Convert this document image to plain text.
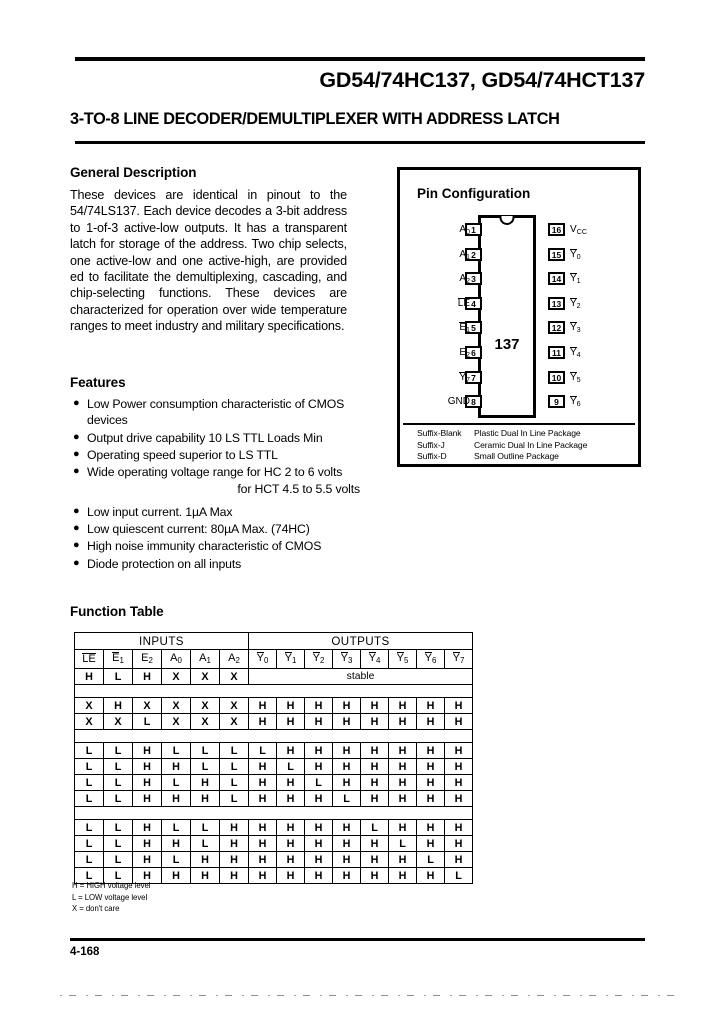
GD54/74HC137, GD54/74HCT137
3-TO-8 LINE DECODER/DEMULTIPLEXER WITH ADDRESS LATCH
General Description
These devices are identical in pinout to the 54/74LS137. Each device decodes a 3-bit address to 1-of-3 active-low outputs. It has a transparent latch for storage of the address. Two chip selects, one active-low and one active-high, are provided ed to facilitate the demultiplexing, cascading, and chip-selecting functions. These devices are characterized for operation over wide temperature ranges to meet industry and military specifications.
Features
● Low Power consumption characteristic of CMOS devices
● Output drive capability 10 LS TTL Loads Min
● Operating speed superior to LS TTL
● Wide operating voltage range for HC 2 to 6 volts
for HCT 4.5 to 5.5 volts
● Low input current. 1µA Max
● Low quiescent current: 80µA Max. (74HC)
● High noise immunity characteristic of CMOS
● Diode protection on all inputs
Pin Configuration
137
1
$A_0$
2
$A_1$
3
$A_2$
4
LE
5
$E_1$
6
$E_2$
7
$Y_7$
8
GND
16 $V_{CC}$
15 $Y_0$
14 $Y_1$
13 $Y_2$
12 $Y_3$
11 $Y_4$
10 $Y_5$
9	$Y_6$
Suffix-Blank Plastic Dual In Line Package
Suffix-J	Ceramic Dual In Line Package
Suffix-D	Small Outline Package
Function Table
INPUTS						OUTPUTS							
LE	$E_1$	$E_2$	$A_0$	$A_1$	$A_2$	$Y_0$	$Y_1$	$Y_2$	$Y_3$	$Y_4$	$Y_5$	$Y_6$	$Y_7$
H	L	H	X	X	X	stable							

X	H	X	X	X	X	H	H	H	H	H	H	H	H
X	X	L	X	X	X	H	H	H	H	H	H	H	H

L	L	H	L	L	L	L	H	H	H	H	H	H	H
L	L	H	H	L	L	H	L	H	H	H	H	H	H
L	L	H	L	H	L	H	H	L	H	H	H	H	H
L	L	H	H	H	L	H	H	H	L	H	H	H	H

L	L	H	L	L	H	H	H	H	H	L	H	H	H
L	L	H	H	L	H	H	H	H	H	H	L	H	H
L	L	H	L	H	H	H	H	H	H	H	H	L	H
L	L	H	H	H	H	H	H	H	H	H	H	H	L
H = HIGH voltage level
L = LOW voltage level
X = don't care
4-168
